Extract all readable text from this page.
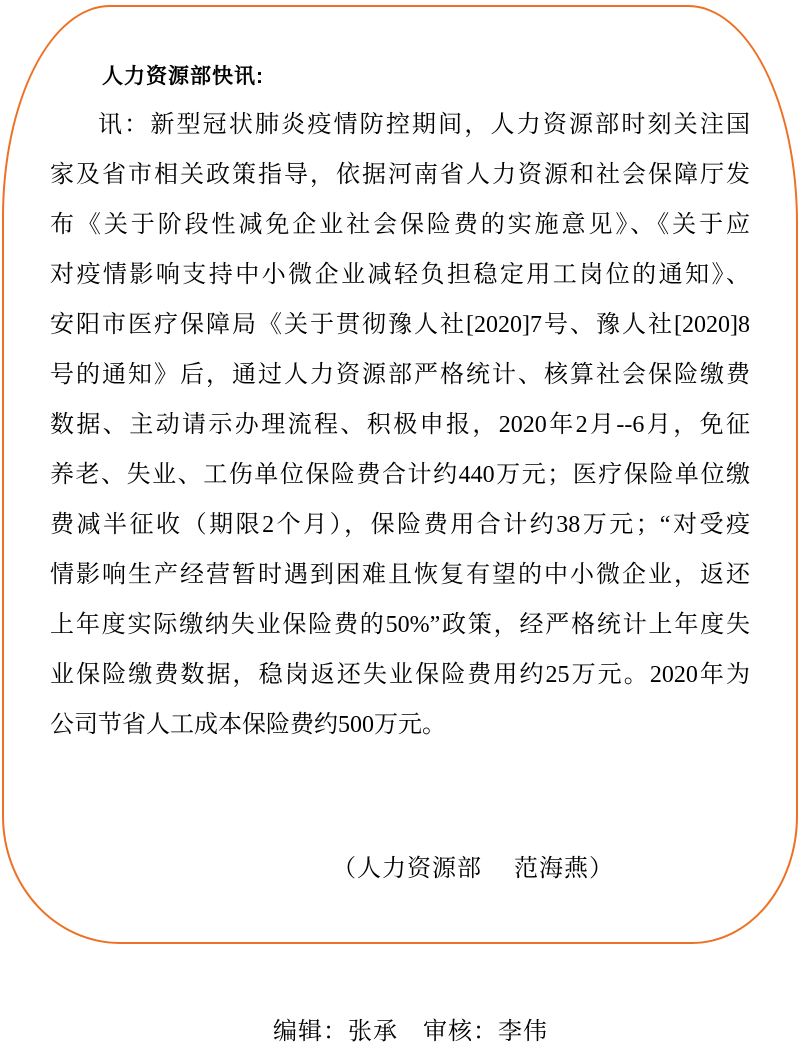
人力资源部快讯:
讯：新型冠状肺炎疫情防控期间，人力资源部时刻关注国
家及省市相关政策指导，依据河南省人力资源和社会保障厅发
布《关于阶段性减免企业社会保险费的实施意见》、《关于应
对疫情影响支持中小微企业减轻负担稳定用工岗位的通知》、
安阳市医疗保障局《关于贯彻豫人社[2020]7号、豫人社[2020]8
号的通知》后，通过人力资源部严格统计、核算社会保险缴费
数据、主动请示办理流程、积极申报，2020年2月--6月，免征
养老、失业、工伤单位保险费合计约440万元；医疗保险单位缴
费减半征收（期限2个月），保险费用合计约38万元；“对受疫
情影响生产经营暂时遇到困难且恢复有望的中小微企业，返还
上年度实际缴纳失业保险费的50%”政策，经严格统计上年度失
业保险缴费数据，稳岗返还失业保险费用约25万元。2020年为
公司节省人工成本保险费约500万元。
（人力资源部　 范海燕）
编辑：张承　审核：李伟
